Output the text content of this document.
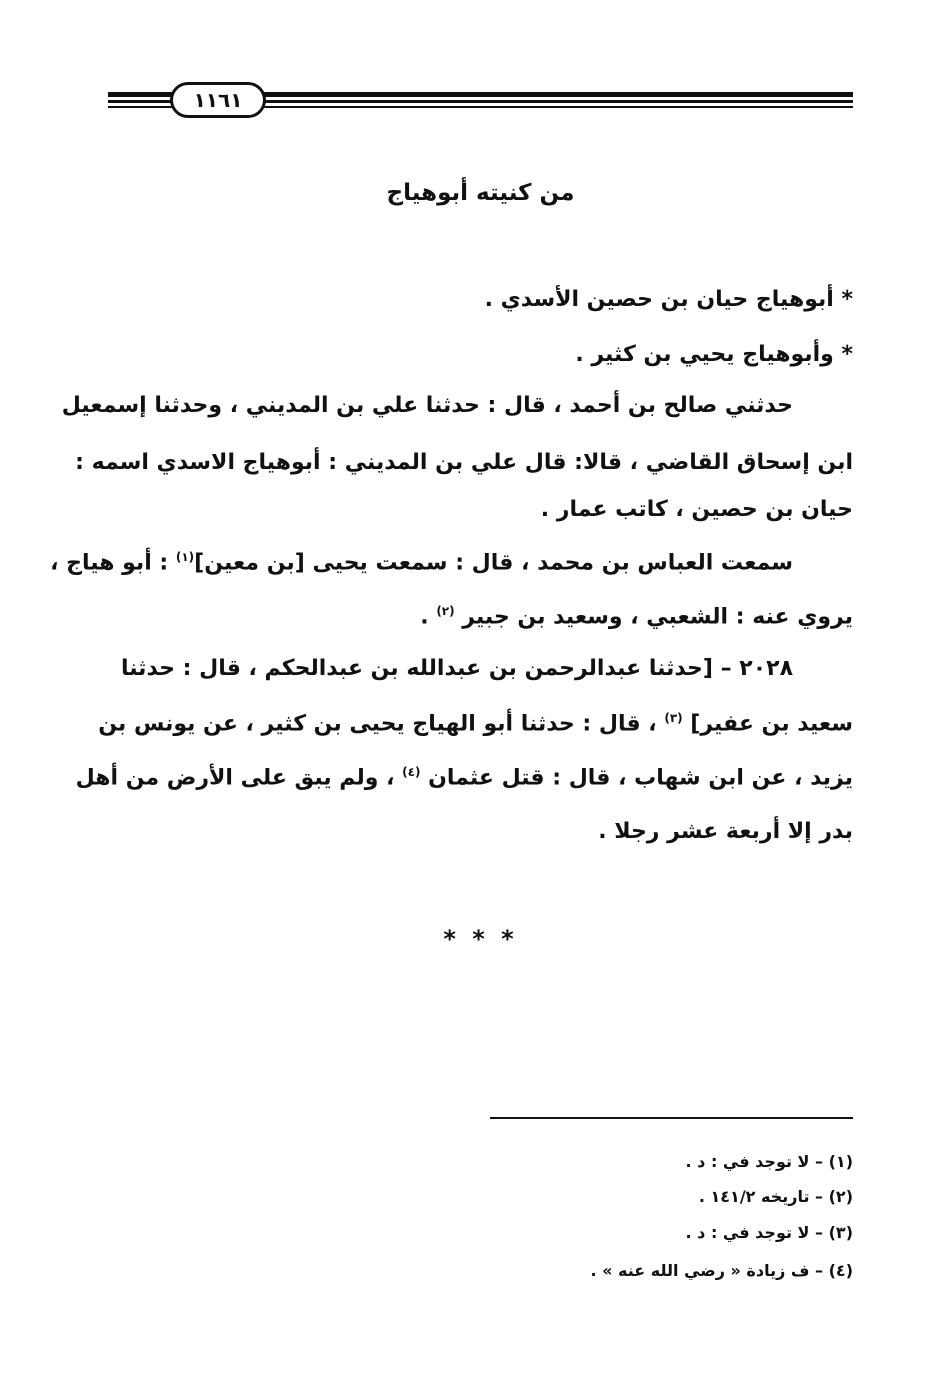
١١٦١
من كنيته أبوهياج
* أبوهياج حيان بن حصين الأسدي .
* وأبوهياج يحيي بن كثير .
حدثني صالح بن أحمد ، قال : حدثنا علي بن المديني ، وحدثنا إسمعيل
ابن إسحاق القاضي ، قالا: قال علي بن المديني : أبوهياج الاسدي اسمه :
حيان بن حصين ، كاتب عمار .
سمعت العباس بن محمد ، قال : سمعت يحيى [بن معين]$^{(١)}$ : أبو هياج ،
يروي عنه : الشعبي ، وسعيد بن جبير $^{(٢)}$ .
٢٠٢٨ – [حدثنا عبدالرحمن بن عبدالله بن عبدالحكم ، قال : حدثنا
سعيد بن عفير] $^{(٣)}$ ، قال : حدثنا أبو الهياج يحيى بن كثير ، عن يونس بن
يزيد ، عن ابن شهاب ، قال : قتل عثمان $^{(٤)}$ ، ولم يبق على الأرض من أهل
بدر إلا أربعة عشر رجلا .
* * *
(١) – لا توجد في : د .
(٢) – تاريخه ١٤١/٢ .
(٣) – لا توجد في : د .
(٤) – ف زيادة « رضي الله عنه » .
